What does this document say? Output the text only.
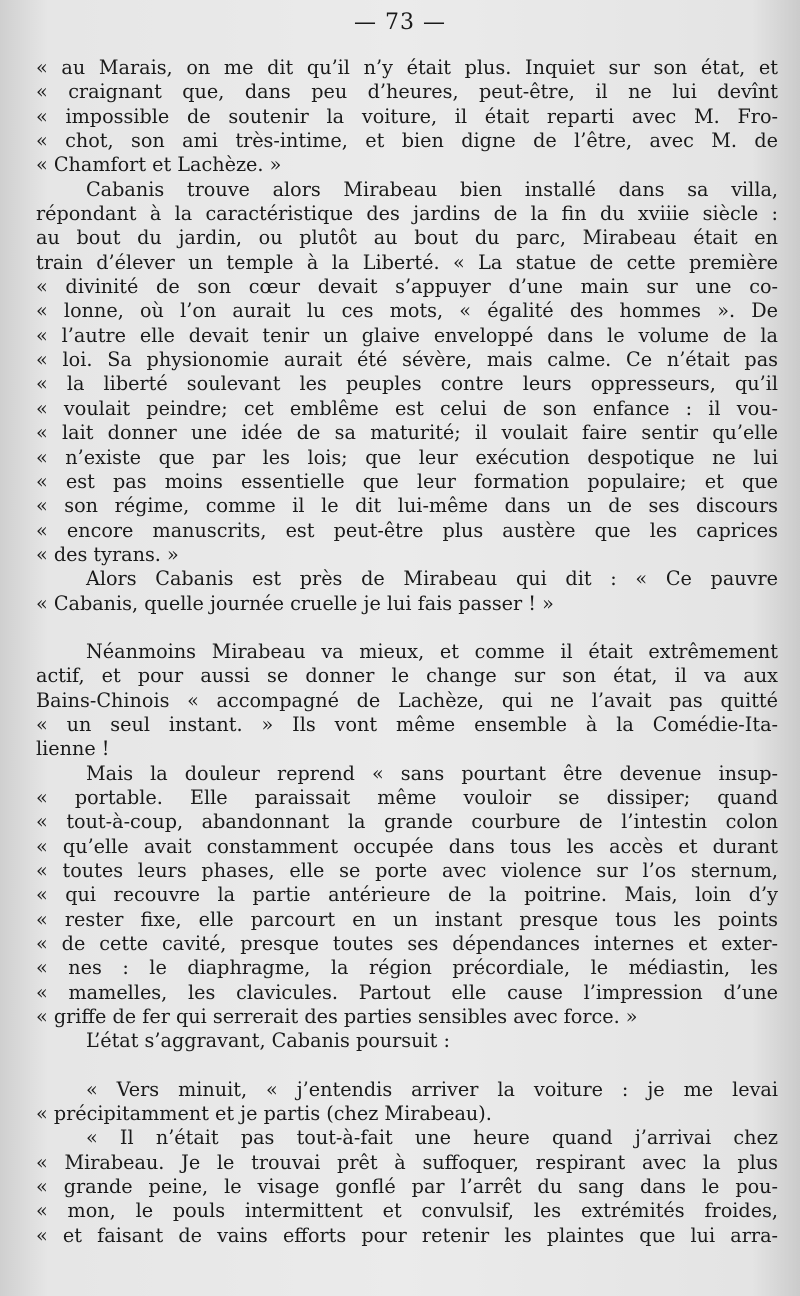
— 73 —
« au Marais, on me dit qu’il n’y était plus. Inquiet sur son état, et
« craignant que, dans peu d’heures, peut-être, il ne lui devînt
« impossible de soutenir la voiture, il était reparti avec M. Fro-
« chot, son ami très-intime, et bien digne de l’être, avec M. de
« Chamfort et Lachèze. »
Cabanis trouve alors Mirabeau bien installé dans sa villa,
répondant à la caractéristique des jardins de la fin du xviiie siècle :
au bout du jardin, ou plutôt au bout du parc, Mirabeau était en
train d’élever un temple à la Liberté. « La statue de cette première
« divinité de son cœur devait s’appuyer d’une main sur une co-
« lonne, où l’on aurait lu ces mots, « égalité des hommes ». De
« l’autre elle devait tenir un glaive enveloppé dans le volume de la
« loi. Sa physionomie aurait été sévère, mais calme. Ce n’était pas
« la liberté soulevant les peuples contre leurs oppresseurs, qu’il
« voulait peindre; cet emblême est celui de son enfance : il vou-
« lait donner une idée de sa maturité; il voulait faire sentir qu’elle
« n’existe que par les lois; que leur exécution despotique ne lui
« est pas moins essentielle que leur formation populaire; et que
« son régime, comme il le dit lui-même dans un de ses discours
« encore manuscrits, est peut-être plus austère que les caprices
« des tyrans. »
Alors Cabanis est près de Mirabeau qui dit : « Ce pauvre
« Cabanis, quelle journée cruelle je lui fais passer ! »
Néanmoins Mirabeau va mieux, et comme il était extrêmement
actif, et pour aussi se donner le change sur son état, il va aux
Bains-Chinois « accompagné de Lachèze, qui ne l’avait pas quitté
« un seul instant. » Ils vont même ensemble à la Comédie-Ita-
lienne !
Mais la douleur reprend « sans pourtant être devenue insup-
« portable. Elle paraissait même vouloir se dissiper; quand
« tout-à-coup, abandonnant la grande courbure de l’intestin colon
« qu’elle avait constamment occupée dans tous les accès et durant
« toutes leurs phases, elle se porte avec violence sur l’os sternum,
« qui recouvre la partie antérieure de la poitrine. Mais, loin d’y
« rester fixe, elle parcourt en un instant presque tous les points
« de cette cavité, presque toutes ses dépendances internes et exter-
« nes : le diaphragme, la région précordiale, le médiastin, les
« mamelles, les clavicules. Partout elle cause l’impression d’une
« griffe de fer qui serrerait des parties sensibles avec force. »
L’état s’aggravant, Cabanis poursuit :
« Vers minuit, « j’entendis arriver la voiture : je me levai
« précipitamment et je partis (chez Mirabeau).
« Il n’était pas tout-à-fait une heure quand j’arrivai chez
« Mirabeau. Je le trouvai prêt à suffoquer, respirant avec la plus
« grande peine, le visage gonflé par l’arrêt du sang dans le pou-
« mon, le pouls intermittent et convulsif, les extrémités froides,
« et faisant de vains efforts pour retenir les plaintes que lui arra-
